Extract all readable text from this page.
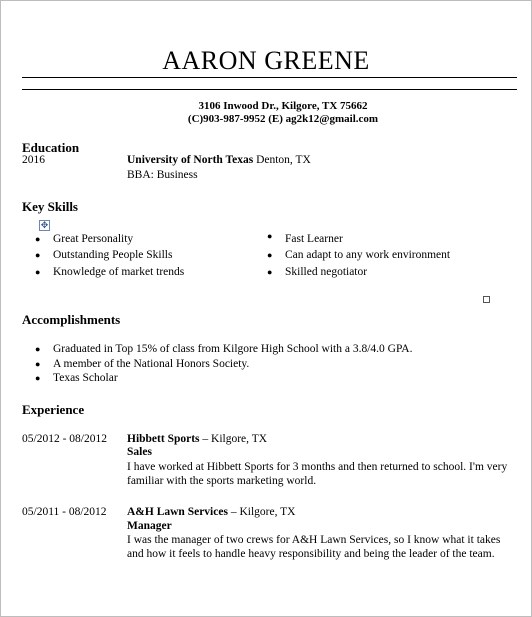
AARON GREENE
3106 Inwood Dr., Kilgore, TX 75662
(C)903-987-9952 (E) ag2k12@gmail.com
Education
2016	University of North Texas Denton, TX
BBA: Business
Key Skills
✥
● Great Personality
● Outstanding People Skills
● Knowledge of market trends
● Fast Learner
● Can adapt to any work environment
● Skilled negotiator
Accomplishments
● Graduated in Top 15% of class from Kilgore High School with a 3.8/4.0 GPA.
● A member of the National Honors Society.
● Texas Scholar
Experience
05/2012 - 08/2012 Hibbett Sports – Kilgore, TX
Sales
I have worked at Hibbett Sports for 3 months and then returned to school. I'm very
familiar with the sports marketing world.
05/2011 - 08/2012 A&H Lawn Services – Kilgore, TX
Manager
I was the manager of two crews for A&H Lawn Services, so I know what it takes
and how it feels to handle heavy responsibility and being the leader of the team.
